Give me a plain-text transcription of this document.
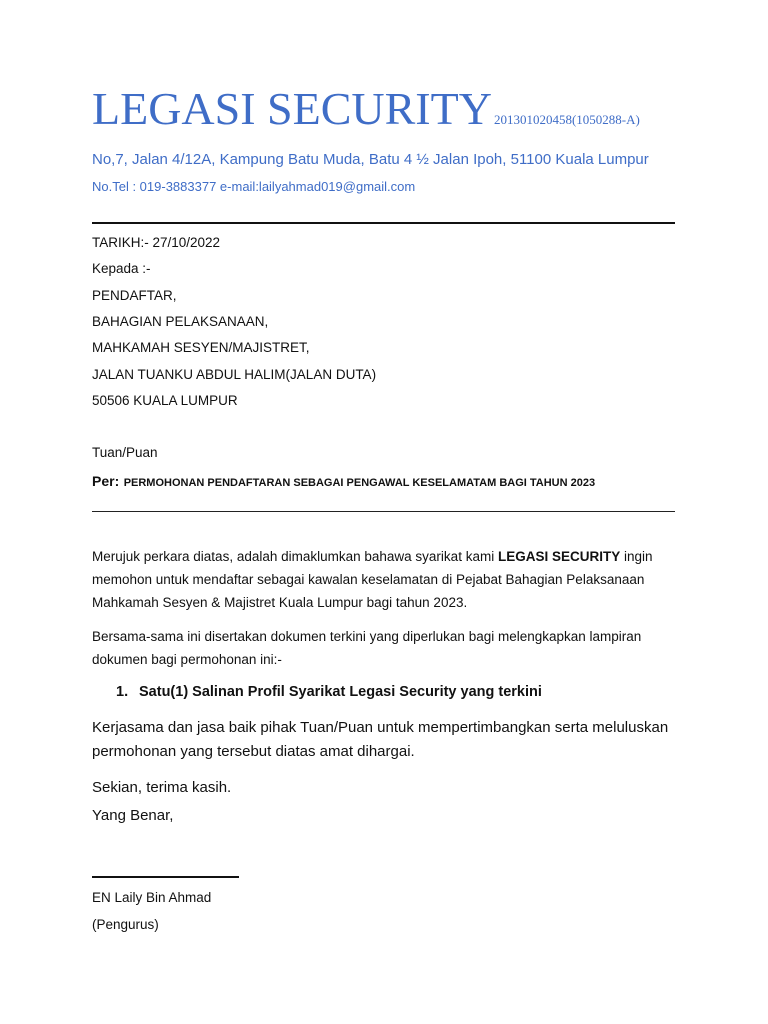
LEGASI SECURITY 201301020458(1050288-A)
No,7, Jalan 4/12A, Kampung Batu Muda, Batu 4 ½ Jalan Ipoh, 51100 Kuala Lumpur
No.Tel : 019-3883377 e-mail:lailyahmad019@gmail.com
TARIKH:- 27/10/2022
Kepada :-
PENDAFTAR,
BAHAGIAN PELAKSANAAN,
MAHKAMAH SESYEN/MAJISTRET,
JALAN TUANKU ABDUL HALIM(JALAN DUTA)
50506 KUALA LUMPUR
Tuan/Puan
Per: PERMOHONAN PENDAFTARAN SEBAGAI PENGAWAL KESELAMATAM BAGI TAHUN 2023

Merujuk perkara diatas, adalah dimaklumkan bahawa syarikat kami LEGASI SECURITY ingin memohon untuk mendaftar sebagai kawalan keselamatan di Pejabat Bahagian Pelaksanaan Mahkamah Sesyen & Majistret Kuala Lumpur bagi tahun 2023.

Bersama-sama ini disertakan dokumen terkini yang diperlukan bagi melengkapkan lampiran dokumen bagi permohonan ini:-

1. Satu(1) Salinan Profil Syarikat Legasi Security yang terkini

Kerjasama dan jasa baik pihak Tuan/Puan untuk mempertimbangkan serta meluluskan permohonan yang tersebut diatas amat dihargai.

Sekian, terima kasih.

Yang Benar,

EN Laily Bin Ahmad
(Pengurus)
